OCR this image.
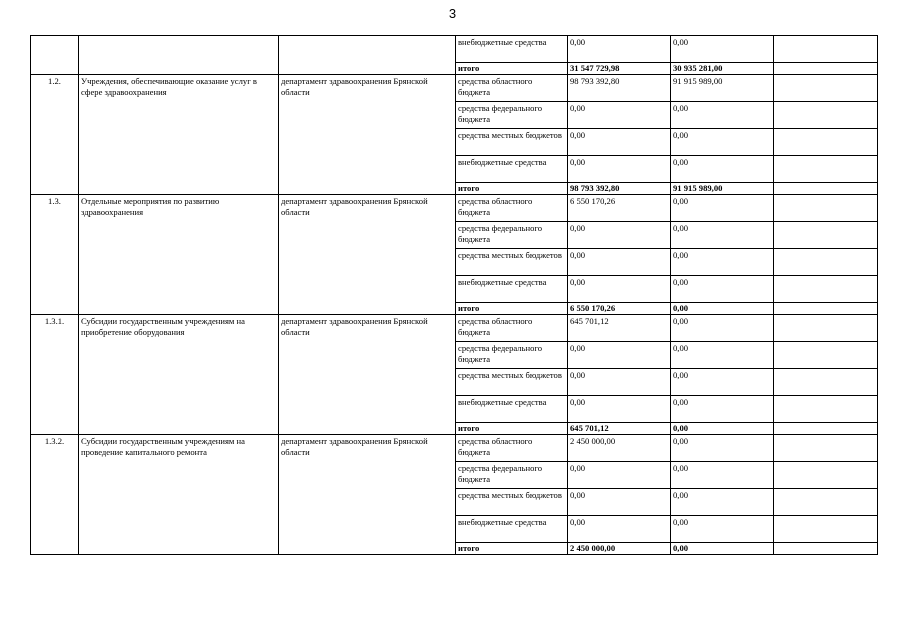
3
			внебюджетные средства	0,00	0,00	
			итого	31 547 729,98	30 935 281,00	
1.2.	Учреждения, обеспечивающие оказание услуг в сфере здравоохранения	департамент здравоохранения Брянской области	средства областного бюджета	98 793 392,80	91 915 989,00	
			средства федерального бюджета	0,00	0,00	
			средства местных бюджетов	0,00	0,00	
			внебюджетные средства	0,00	0,00	
			итого	98 793 392,80	91 915 989,00	
1.3.	Отдельные мероприятия по развитию здравоохранения	департамент здравоохранения Брянской области	средства областного бюджета	6 550 170,26	0,00	
			средства федерального бюджета	0,00	0,00	
			средства местных бюджетов	0,00	0,00	
			внебюджетные средства	0,00	0,00	
			итого	6 550 170,26	0,00	
1.3.1.	Субсидии государственным учреждениям на приобретение оборудования	департамент здравоохранения Брянской области	средства областного бюджета	645 701,12	0,00	
			средства федерального бюджета	0,00	0,00	
			средства местных бюджетов	0,00	0,00	
			внебюджетные средства	0,00	0,00	
			итого	645 701,12	0,00	
1.3.2.	Субсидии государственным учреждениям на проведение капитального ремонта	департамент здравоохранения Брянской области	средства областного бюджета	2 450 000,00	0,00	
			средства федерального бюджета	0,00	0,00	
			средства местных бюджетов	0,00	0,00	
			внебюджетные средства	0,00	0,00	
			итого	2 450 000,00	0,00	
